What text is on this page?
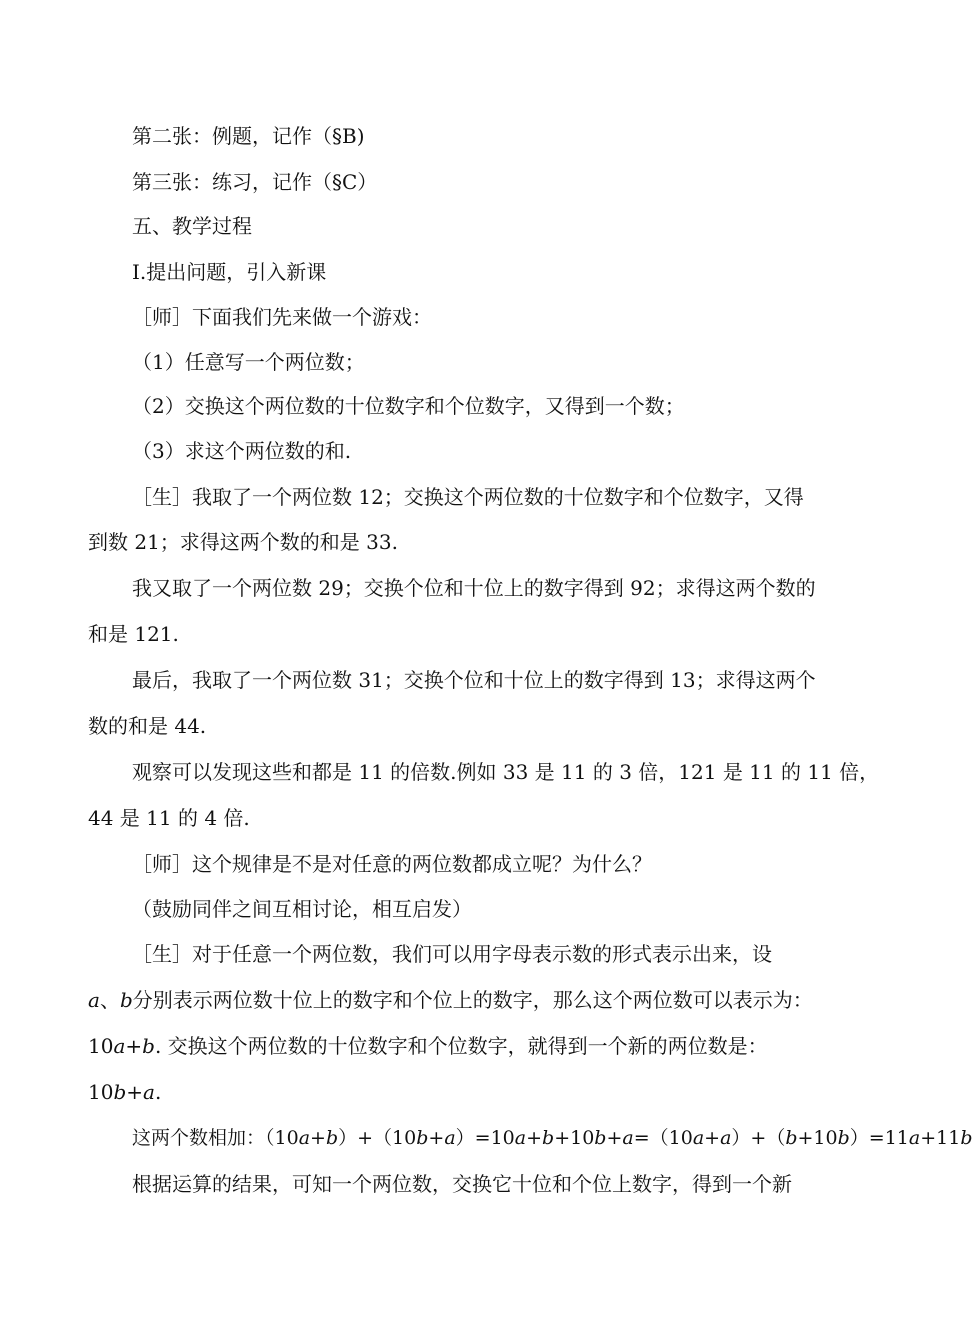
第二张：例题，记作（§B)
第三张：练习，记作（§C）
五、教学过程
Ⅰ.提出问题，引入新课
［师］下面我们先来做一个游戏：
（1）任意写一个两位数；
（2）交换这个两位数的十位数字和个位数字，又得到一个数；
（3）求这个两位数的和.
［生］我取了一个两位数 12；交换这个两位数的十位数字和个位数字，又得
到数 21；求得这两个数的和是 33.
我又取了一个两位数 29；交换个位和十位上的数字得到 92；求得这两个数的
和是 121.
最后，我取了一个两位数 31；交换个位和十位上的数字得到 13；求得这两个
数的和是 44.
观察可以发现这些和都是 11 的倍数.例如 33 是 11 的 3 倍，121 是 11 的 11 倍，
44 是 11 的 4 倍.
［师］这个规律是不是对任意的两位数都成立呢？为什么？
（鼓励同伴之间互相讨论，相互启发）
［生］对于任意一个两位数，我们可以用字母表示数的形式表示出来，设
a、b分别表示两位数十位上的数字和个位上的数字，那么这个两位数可以表示为：
10a+b. 交换这个两位数的十位数字和个位数字，就得到一个新的两位数是：
10b+a.
这两个数相加：（10a+b）+（10b+a）=10a+b+10b+a=（10a+a）+（b+10b）=11a+11b
根据运算的结果，可知一个两位数，交换它十位和个位上数字，得到一个新
